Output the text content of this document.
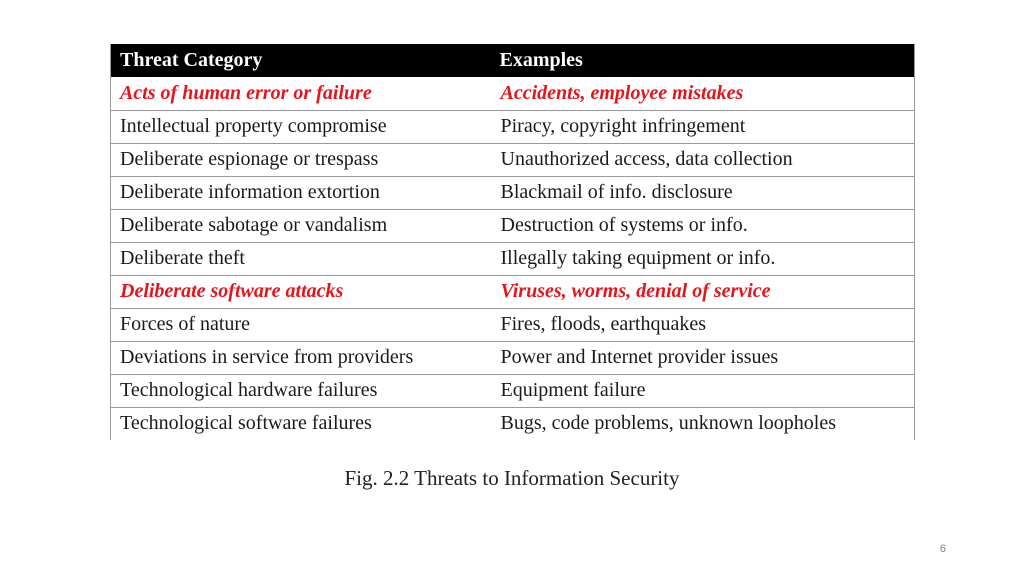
Threat Category	Examples
Acts of human error or failure	Accidents, employee mistakes
Intellectual property compromise	Piracy, copyright infringement
Deliberate espionage or trespass	Unauthorized access, data collection
Deliberate information extortion	Blackmail of info. disclosure
Deliberate sabotage or vandalism	Destruction of systems or info.
Deliberate theft	Illegally taking equipment or info.
Deliberate software attacks	Viruses, worms, denial of service
Forces of nature	Fires, floods, earthquakes
Deviations in service from providers	Power and Internet provider issues
Technological hardware failures	Equipment failure
Technological software failures	Bugs, code problems, unknown loopholes
Fig. 2.2 Threats to Information Security
6
